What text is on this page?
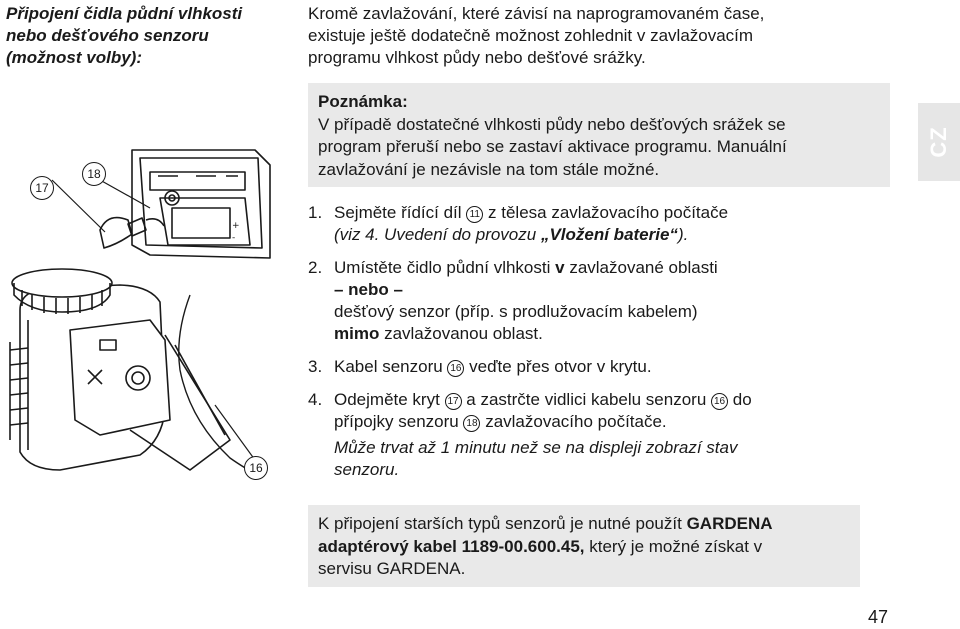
Připojení čidla půdní vlhkosti
nebo dešťového senzoru
(možnost volby):
Kromě zavlažování, které závisí na naprogramovaném čase,
existuje ještě dodatečně možnost zohlednit v zavlažovacím
programu vlhkost půdy nebo dešťové srážky.
Poznámka:
V případě dostatečné vlhkosti půdy nebo dešťových srážek se
program přeruší nebo se zastaví aktivace programu. Manuální
zavlažování je nezávisle na tom stále možné.
CZ
1. Sejměte řídící díl 11 z tělesa zavlažovacího počítače
(viz 4. Uvedení do provozu „Vložení baterie“).
2. Umístěte čidlo půdní vlhkosti v zavlažované oblasti
– nebo –
dešťový senzor (příp. s prodlužovacím kabelem)
mimo zavlažovanou oblast.
3. Kabel senzoru 16 veďte přes otvor v krytu.
4. Odejměte kryt 17 a zastrčte vidlici kabelu senzoru 16 do
přípojky senzoru 18 zavlažovacího počítače.
Může trvat až 1 minutu než se na displeji zobrazí stav
senzoru.
K připojení starších typů senzorů je nutné použít GARDENA
adaptérový kabel 1189-00.600.45, který je možné získat v
servisu GARDENA.
47
+
-
17
18
16
